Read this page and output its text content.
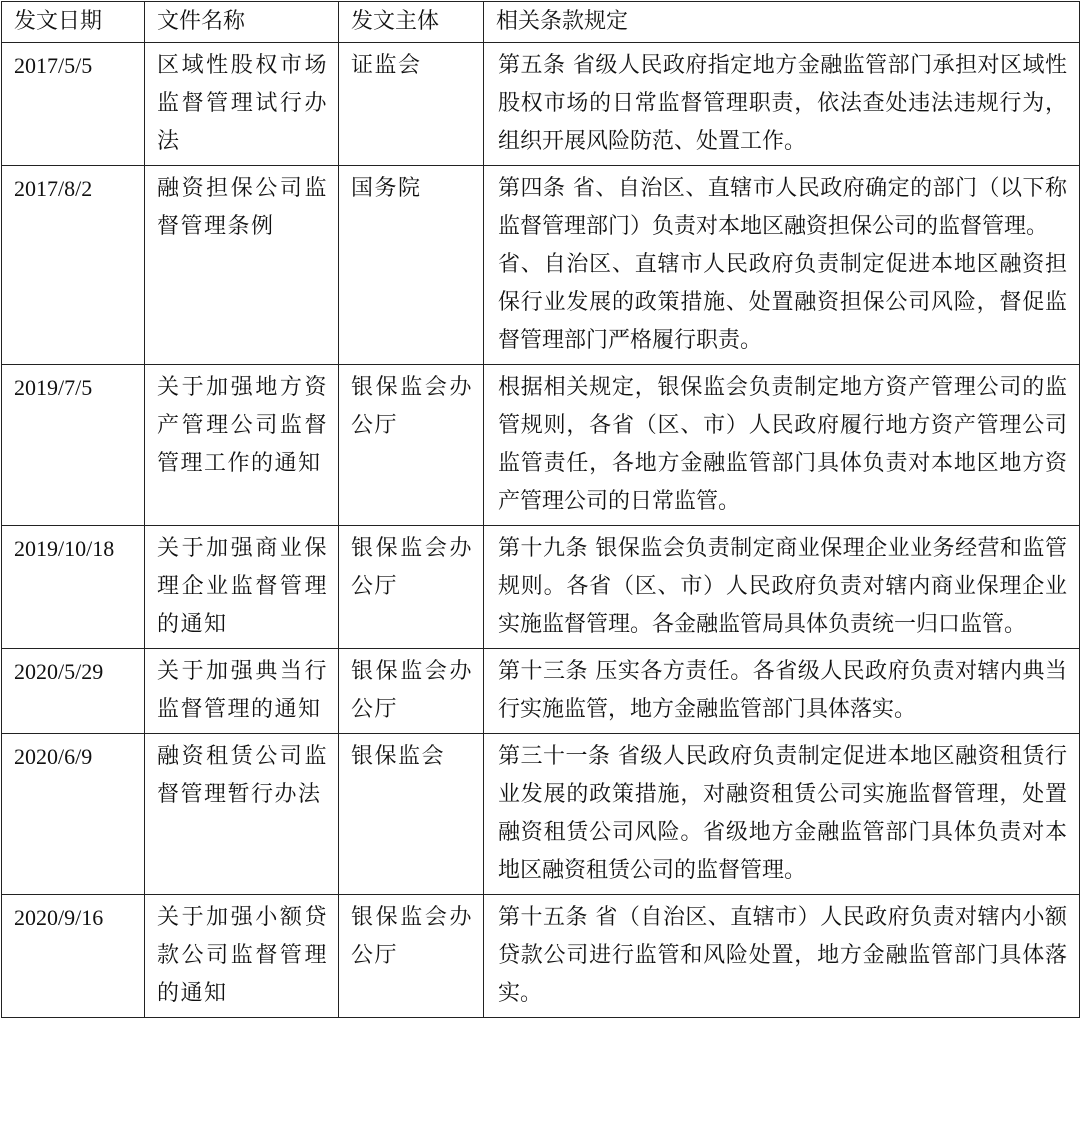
发文日期	文件名称	发文主体	相关条款规定
2017/5/5	区域性股权市场监督管理试行办法	证监会	第五条 省级人民政府指定地方金融监管部门承担对区域性股权市场的日常监督管理职责，依法查处违法违规行为，组织开展风险防范、处置工作。

2017/8/2	融资担保公司监督管理条例	国务院	第四条 省、自治区、直辖市人民政府确定的部门（以下称监督管理部门）负责对本地区融资担保公司的监督管理。
省、自治区、直辖市人民政府负责制定促进本地区融资担保行业发展的政策措施、处置融资担保公司风险，督促监督管理部门严格履行职责。

2019/7/5	关于加强地方资产管理公司监督管理工作的通知	银保监会办公厅	根据相关规定，银保监会负责制定地方资产管理公司的监管规则，各省（区、市）人民政府履行地方资产管理公司监管责任，各地方金融监管部门具体负责对本地区地方资产管理公司的日常监管。

2019/10/18	关于加强商业保理企业监督管理的通知	银保监会办公厅	第十九条 银保监会负责制定商业保理企业业务经营和监管规则。各省（区、市）人民政府负责对辖内商业保理企业实施监督管理。各金融监管局具体负责统一归口监管。

2020/5/29	关于加强典当行监督管理的通知	银保监会办公厅	第十三条 压实各方责任。各省级人民政府负责对辖内典当行实施监管，地方金融监管部门具体落实。

2020/6/9	融资租赁公司监督管理暂行办法	银保监会	第三十一条 省级人民政府负责制定促进本地区融资租赁行业发展的政策措施，对融资租赁公司实施监督管理，处置融资租赁公司风险。省级地方金融监管部门具体负责对本地区融资租赁公司的监督管理。

2020/9/16	关于加强小额贷款公司监督管理的通知	银保监会办公厅	第十五条 省（自治区、直辖市）人民政府负责对辖内小额贷款公司进行监管和风险处置，地方金融监管部门具体落实。
